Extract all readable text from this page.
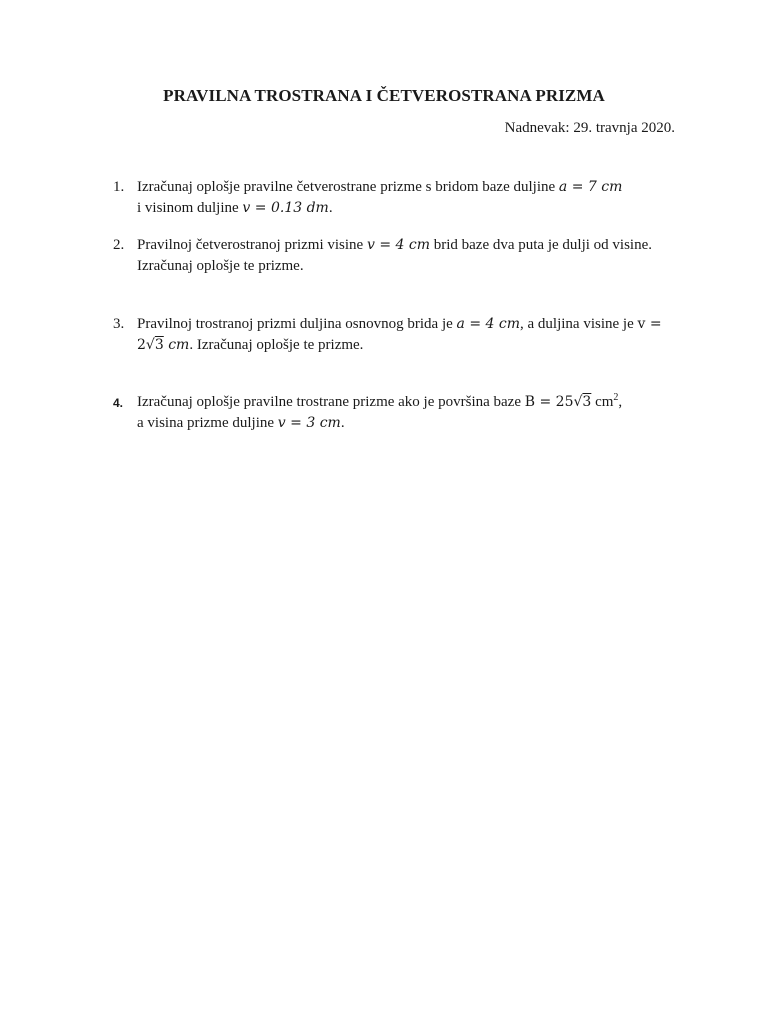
PRAVILNA TROSTRANA I ČETVEROSTRANA PRIZMA
Nadnevak: 29. travnja 2020.
1. Izračunaj oplošje pravilne četverostrane prizme s bridom baze duljine a = 7 cm
i visinom duljine v = 0.13 dm.
2. Pravilnoj četverostranoj prizmi visine v = 4 cm brid baze dva puta je dulji od visine. Izračunaj oplošje te prizme.
3. Pravilnoj trostranoj prizmi duljina osnovnog brida je a = 4 cm, a duljina visine je v = 2√3 cm. Izračunaj oplošje te prizme.
4. Izračunaj oplošje pravilne trostrane prizme ako je površina baze B = 25√3 $cm^2$,
a visina prizme duljine v = 3 cm.
